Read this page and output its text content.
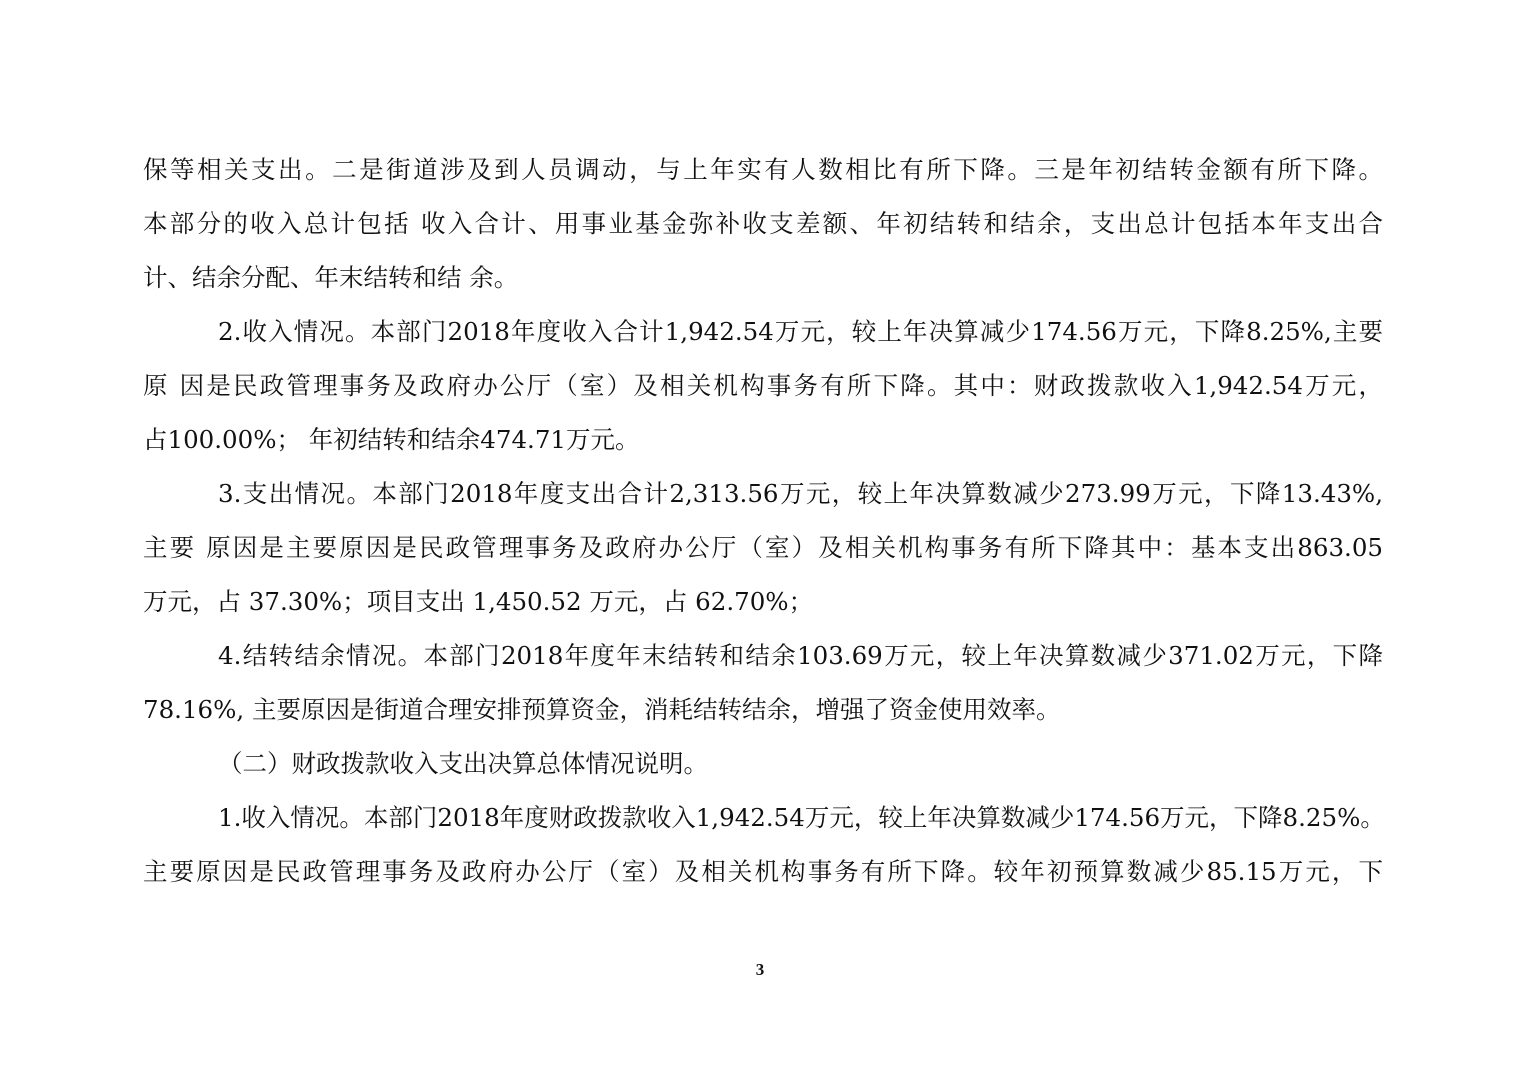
保等相关支出。二是街道涉及到人员调动，与上年实有人数相比有所下降。三是年初结转金额有所下降。
本部分的收入总计包括 收入合计、用事业基金弥补收支差额、年初结转和结余，支出总计包括本年支出合
计、结余分配、年末结转和结 余。
2.收入情况。本部门2018年度收入合计1,942.54万元，较上年决算减少174.56万元，下降8.25%,主要
原 因是民政管理事务及政府办公厅（室）及相关机构事务有所下降。其中：财政拨款收入1,942.54万元，
占100.00%； 年初结转和结余474.71万元。
3.支出情况。本部门2018年度支出合计2,313.56万元，较上年决算数减少273.99万元，下降13.43%,
主要 原因是主要原因是民政管理事务及政府办公厅（室）及相关机构事务有所下降其中：基本支出863.05
万元，占 37.30%；项目支出 1,450.52 万元，占 62.70%；
4.结转结余情况。本部门2018年度年末结转和结余103.69万元，较上年决算数减少371.02万元，下降
78.16%, 主要原因是街道合理安排预算资金，消耗结转结余，增强了资金使用效率。
（二）财政拨款收入支出决算总体情况说明。
1.收入情况。本部门2018年度财政拨款收入1,942.54万元，较上年决算数减少174.56万元，下降8.25%。
主要原因是民政管理事务及政府办公厅（室）及相关机构事务有所下降。较年初预算数减少85.15万元，下
3
